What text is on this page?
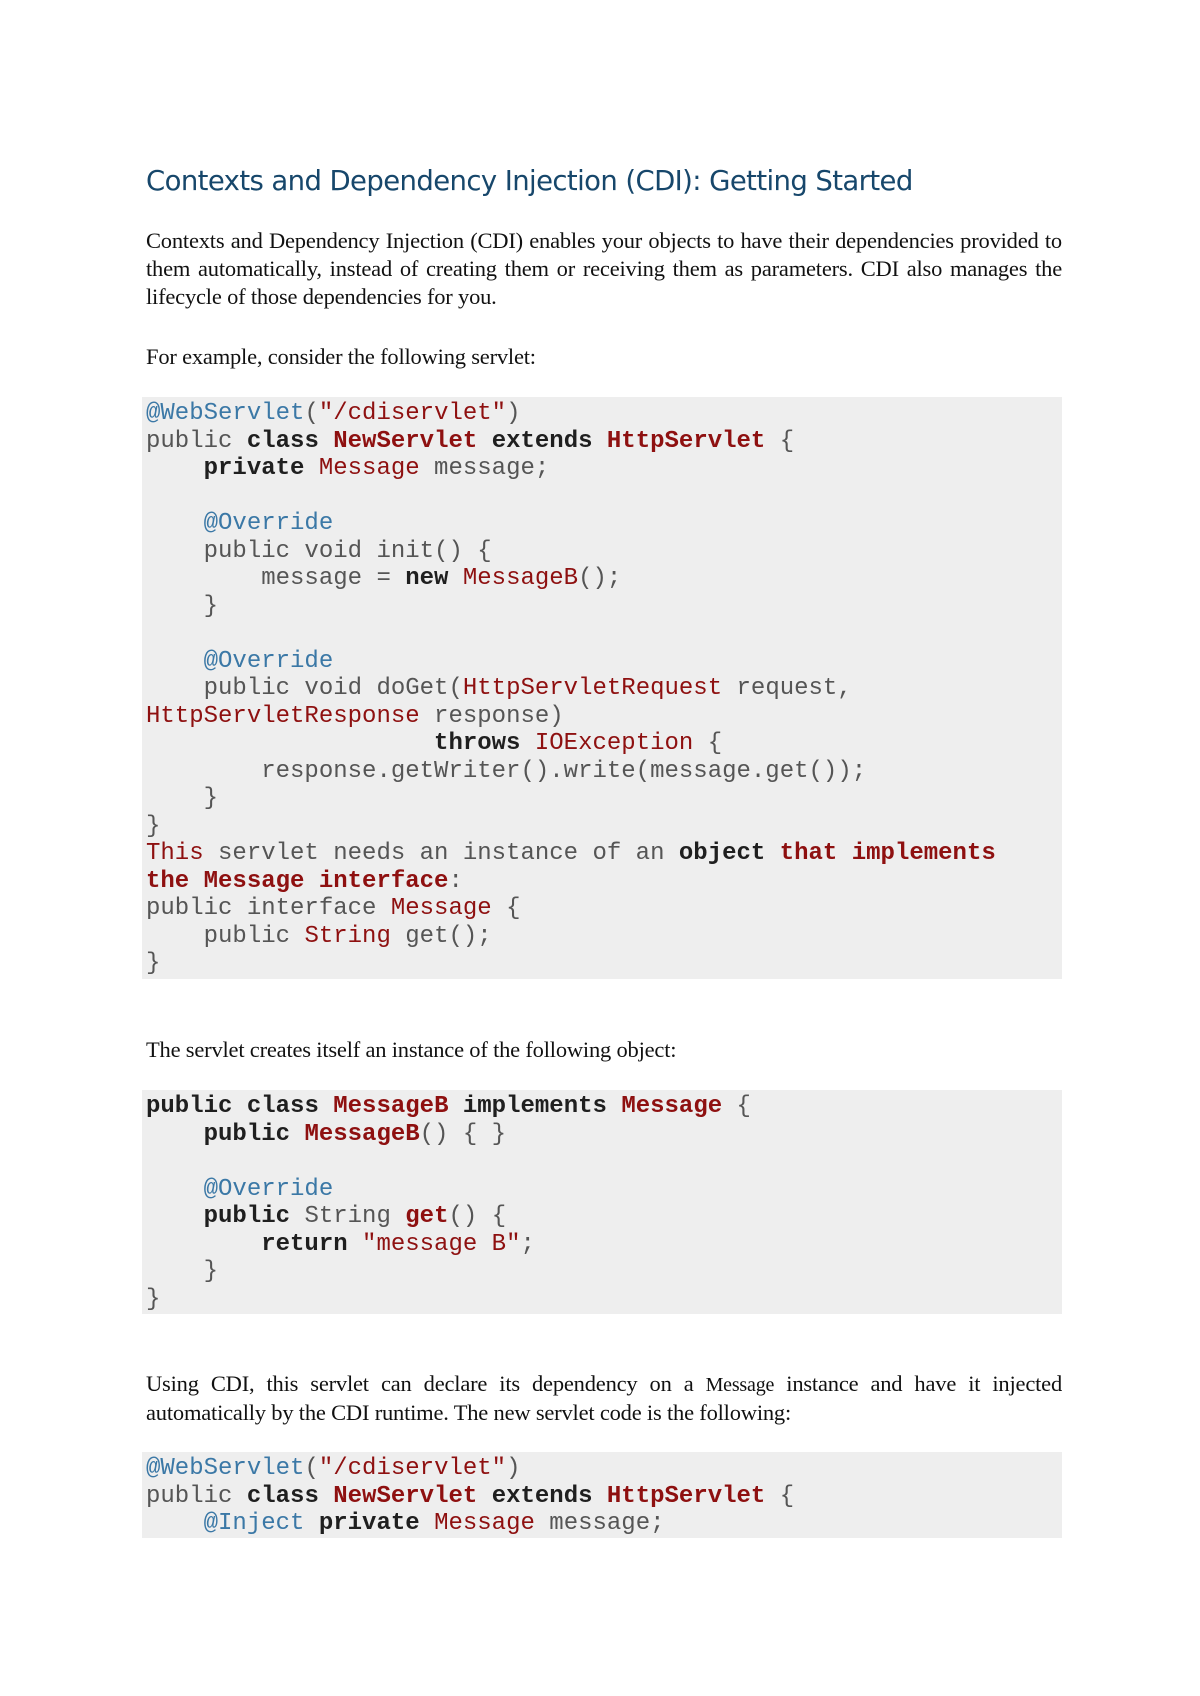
Contexts and Dependency Injection (CDI): Getting Started

Contexts and Dependency Injection (CDI) enables your objects to have their dependencies provided to them automatically, instead of creating them or receiving them as parameters. CDI also manages the lifecycle of those dependencies for you.

For example, consider the following servlet:

@WebServlet("/cdiservlet")
public class NewServlet extends HttpServlet {
private Message message;
@Override
public void init() {
message = new MessageB();
}
@Override
public void doGet(HttpServletRequest request,
HttpServletResponse response)
throws IOException {
response.getWriter().write(message.get());
}
}
This servlet needs an instance of an object that implements
the Message interface:
public interface Message {
public String get();
}

The servlet creates itself an instance of the following object:

public class MessageB implements Message {
public MessageB() { }
@Override
public String get() {
return "message B";
}
}

Using CDI, this servlet can declare its dependency on a Message instance and have it injected automatically by the CDI runtime. The new servlet code is the following:

@WebServlet("/cdiservlet")
public class NewServlet extends HttpServlet {
@Inject private Message message;
